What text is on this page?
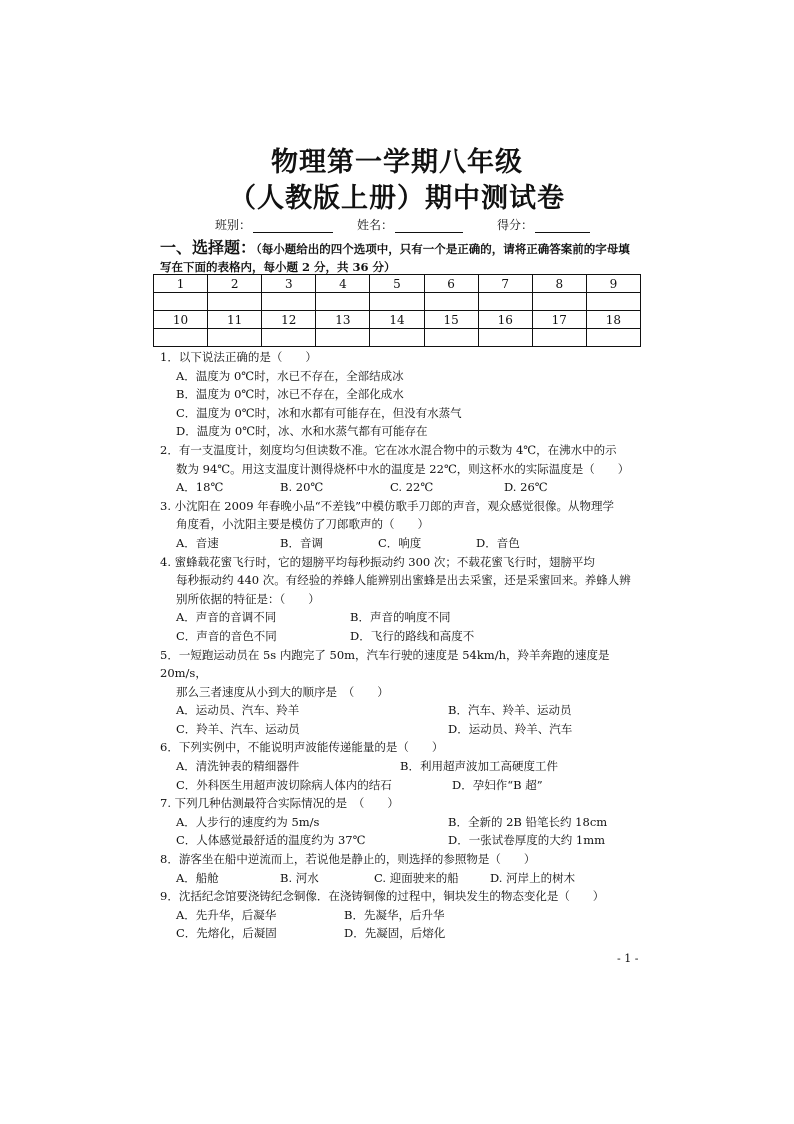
物理第一学期八年级
（人教版上册）期中测试卷
班别：	姓名：	得分：
一、选择题：（每小题给出的四个选项中，只有一个是正确的，请将正确答案前的字母填写在下面的表格内，每小题 2 分，共 36 分）
1	2	3	4	5	6	7	8	9

10	11	12	13	14	15	16	17	18

1．以下说法正确的是（　　）
A．温度为 0℃时，水已不存在，全部结成冰
B．温度为 0℃时，冰已不存在，全部化成水
C．温度为 0℃时，冰和水都有可能存在，但没有水蒸气
D．温度为 0℃时，冰、水和水蒸气都有可能存在
2．有一支温度计，刻度均匀但读数不准。它在冰水混合物中的示数为 4℃，在沸水中的示
数为 94℃。用这支温度计测得烧杯中水的温度是 22℃，则这杯水的实际温度是（　　）
A．18℃	B. 20℃	C. 22℃	D. 26℃
3. 小沈阳在 2009 年春晚小品“不差钱”中模仿歌手刀郎的声音，观众感觉很像。从物理学
角度看，小沈阳主要是模仿了刀郎歌声的（　　）
A．音速	B．音调	C．响度	D．音色
4. 蜜蜂载花蜜飞行时，它的翅膀平均每秒振动约 300 次；不载花蜜飞行时，翅膀平均
每秒振动约 440 次。有经验的养蜂人能辨别出蜜蜂是出去采蜜，还是采蜜回来。养蜂人辨
别所依据的特征是：（　　）
A．声音的音调不同	B．声音的响度不同
C．声音的音色不同	D．飞行的路线和高度不
5．一短跑运动员在 5s 内跑完了 50m，汽车行驶的速度是 54km/h，羚羊奔跑的速度是 20m/s，
那么三者速度从小到大的顺序是　（　　）
A．运动员、汽车、羚羊	B．汽车、羚羊、运动员
C．羚羊、汽车、运动员	D．运动员、羚羊、汽车
6．下列实例中，不能说明声波能传递能量的是（　　）
A．清洗钟表的精细器件	B．利用超声波加工高硬度工件
C．外科医生用超声波切除病人体内的结石	D．孕妇作“B 超”
7. 下列几种估测最符合实际情况的是　（　　）
A．人步行的速度约为 5m/s	B．全新的 2B 铅笔长约 18cm
C．人体感觉最舒适的温度约为 37℃	D．一张试卷厚度的大约 1mm
8．游客坐在船中逆流而上，若说他是静止的，则选择的参照物是（　　）
A．船舱	B. 河水	C. 迎面驶来的船	D. 河岸上的树木
9．沈括纪念馆要浇铸纪念铜像．在浇铸铜像的过程中，铜块发生的物态变化是（　　）
A．先升华，后凝华	B．先凝华，后升华
C．先熔化，后凝固	D．先凝固，后熔化
- 1 -
